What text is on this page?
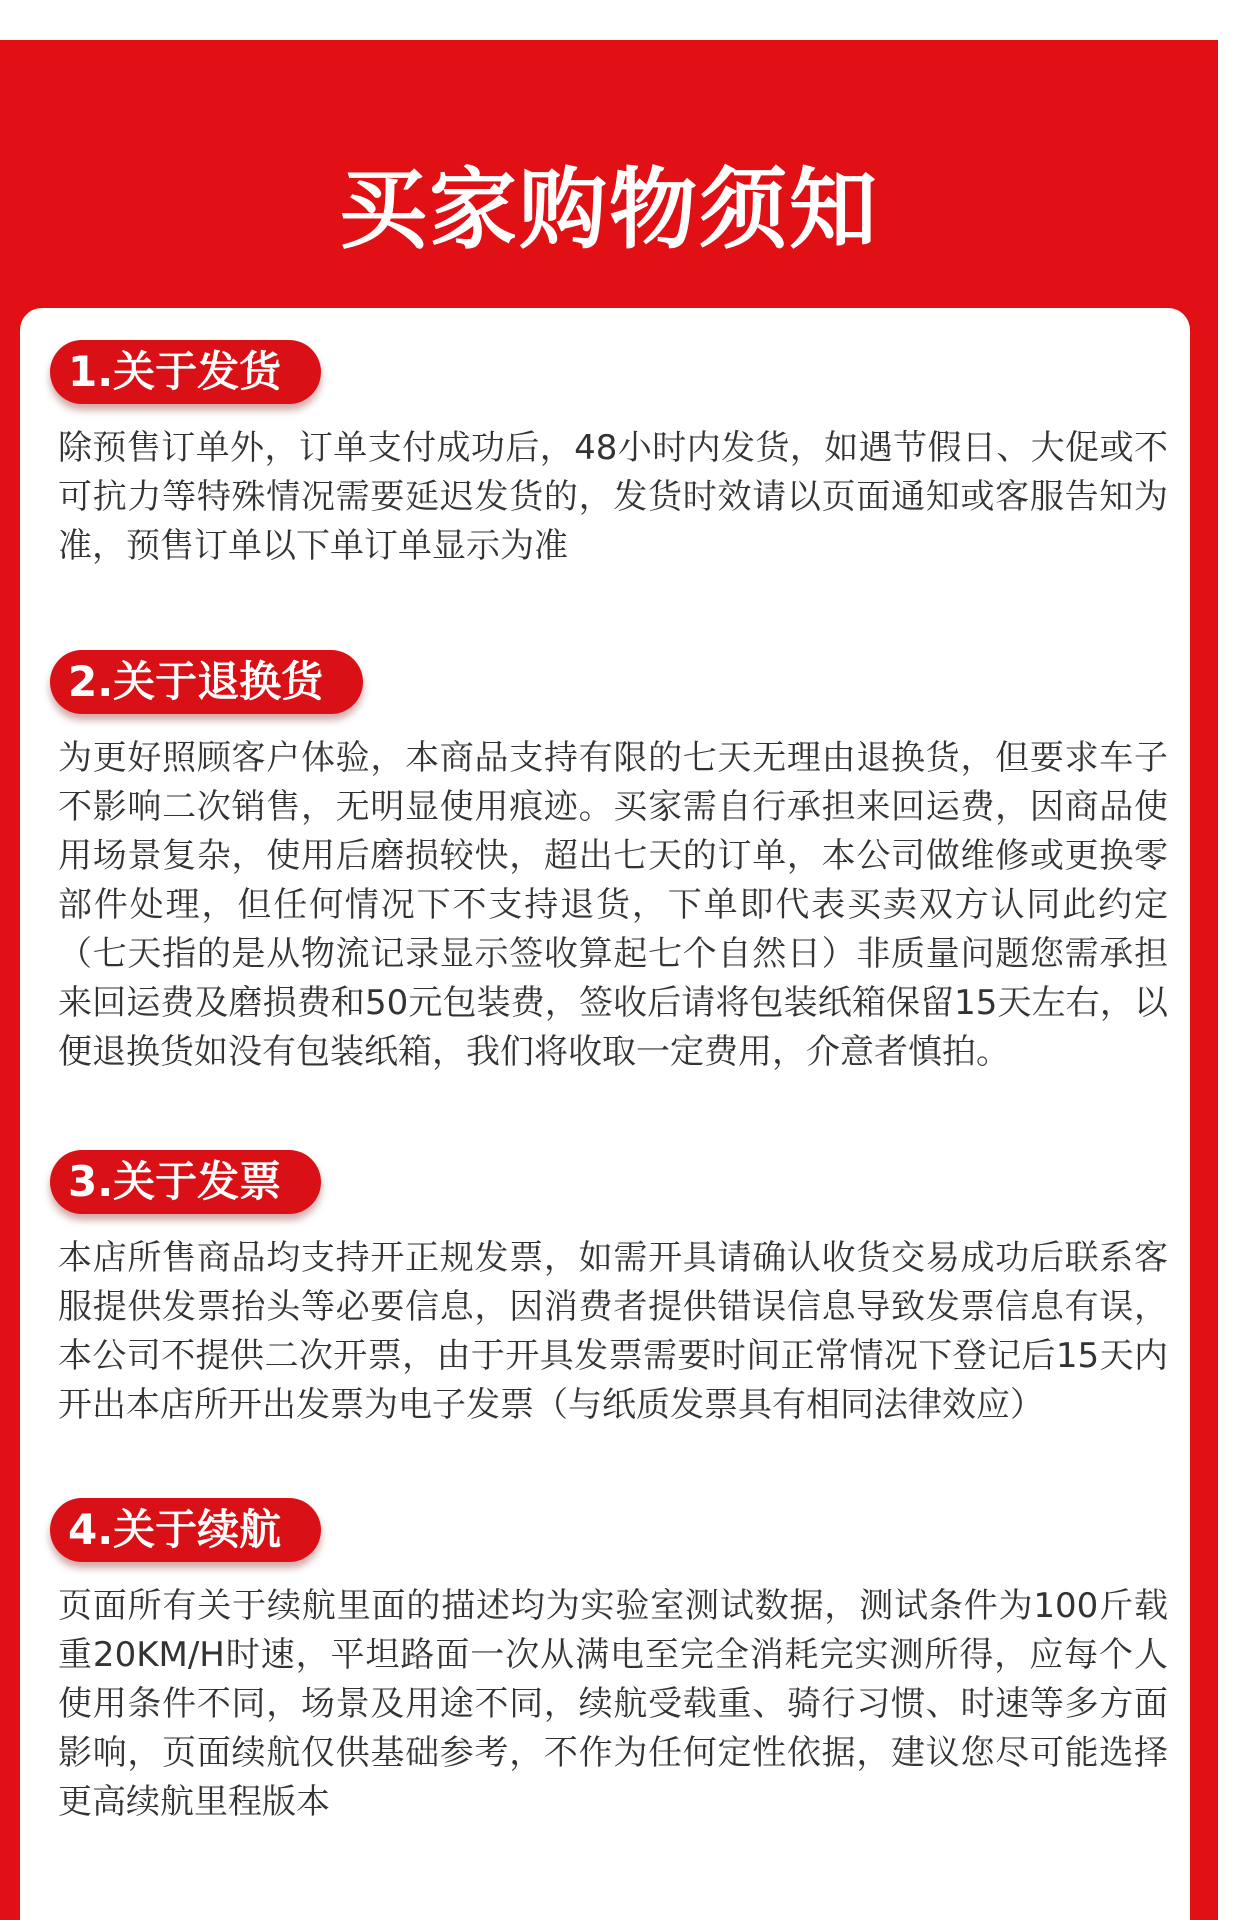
买家购物须知
1.关于发货
除预售订单外，订单支付成功后，48小时内发货，如遇节假日、大促或不可抗力等特殊情况需要延迟发货的，发货时效请以页面通知或客服告知为准，预售订单以下单订单显示为准
2.关于退换货
为更好照顾客户体验，本商品支持有限的七天无理由退换货，但要求车子不影响二次销售，无明显使用痕迹。买家需自行承担来回运费，因商品使用场景复杂，使用后磨损较快，超出七天的订单，本公司做维修或更换零部件处理，但任何情况下不支持退货，下单即代表买卖双方认同此约定（七天指的是从物流记录显示签收算起七个自然日）非质量问题您需承担来回运费及磨损费和50元包装费，签收后请将包装纸箱保留15天左右，以便退换货如没有包装纸箱，我们将收取一定费用，介意者慎拍。
3.关于发票
本店所售商品均支持开正规发票，如需开具请确认收货交易成功后联系客服提供发票抬头等必要信息，因消费者提供错误信息导致发票信息有误，本公司不提供二次开票，由于开具发票需要时间正常情况下登记后15天内开出本店所开出发票为电子发票（与纸质发票具有相同法律效应）
4.关于续航
页面所有关于续航里面的描述均为实验室测试数据，测试条件为100斤载重20KM/H时速，平坦路面一次从满电至完全消耗完实测所得，应每个人使用条件不同，场景及用途不同，续航受载重、骑行习惯、时速等多方面影响，页面续航仅供基础参考，不作为任何定性依据，建议您尽可能选择更高续航里程版本
